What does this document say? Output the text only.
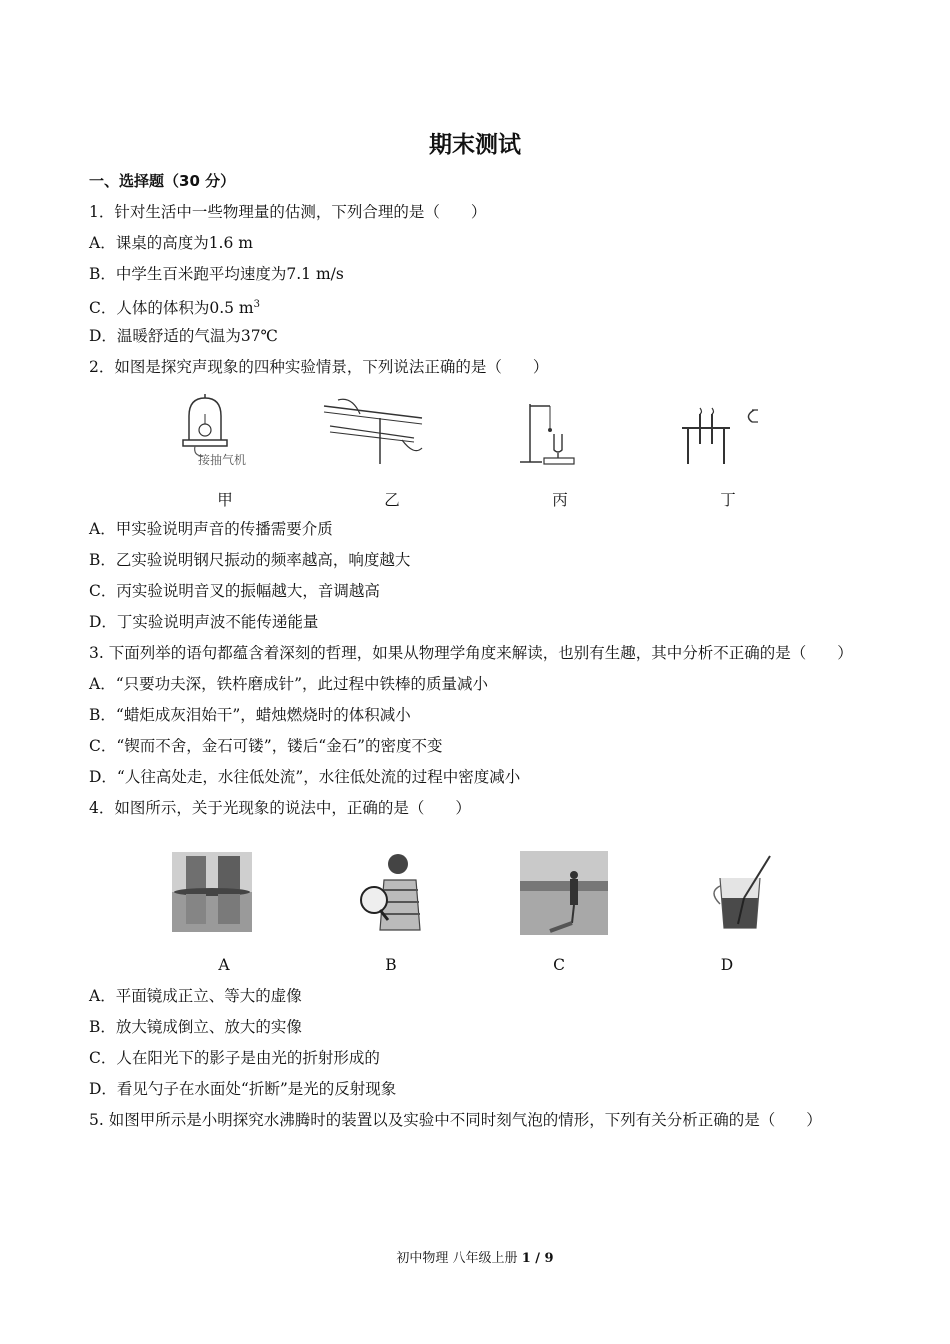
期末测试
一、选择题（30 分）
1．针对生活中一些物理量的估测，下列合理的是（　　）
A．课桌的高度为1.6 m
B．中学生百米跑平均速度为7.1 m/s
C．人体的体积为0.5 $m^3$
D．温暖舒适的气温为37℃
2．如图是探究声现象的四种实验情景，下列说法正确的是（　　）
接抽气机
甲	乙	丙	丁
A．甲实验说明声音的传播需要介质
B．乙实验说明钢尺振动的频率越高，响度越大
C．丙实验说明音叉的振幅越大，音调越高
D．丁实验说明声波不能传递能量
3. 下面列举的语句都蕴含着深刻的哲理，如果从物理学角度来解读，也别有生趣，其中分析不正确的是（　　）
A．“只要功夫深，铁杵磨成针”，此过程中铁棒的质量减小
B．“蜡炬成灰泪始干”，蜡烛燃烧时的体积减小
C．“锲而不舍，金石可镂”，镂后“金石”的密度不变
D．“人往高处走，水往低处流”，水往低处流的过程中密度减小
4．如图所示，关于光现象的说法中，正确的是（　　）
A	B	C	D
A．平面镜成正立、等大的虚像
B．放大镜成倒立、放大的实像
C．人在阳光下的影子是由光的折射形成的
D．看见勺子在水面处“折断”是光的反射现象
5. 如图甲所示是小明探究水沸腾时的装置以及实验中不同时刻气泡的情形，下列有关分析正确的是（　　）
初中物理 八年级上册 1 / 9
